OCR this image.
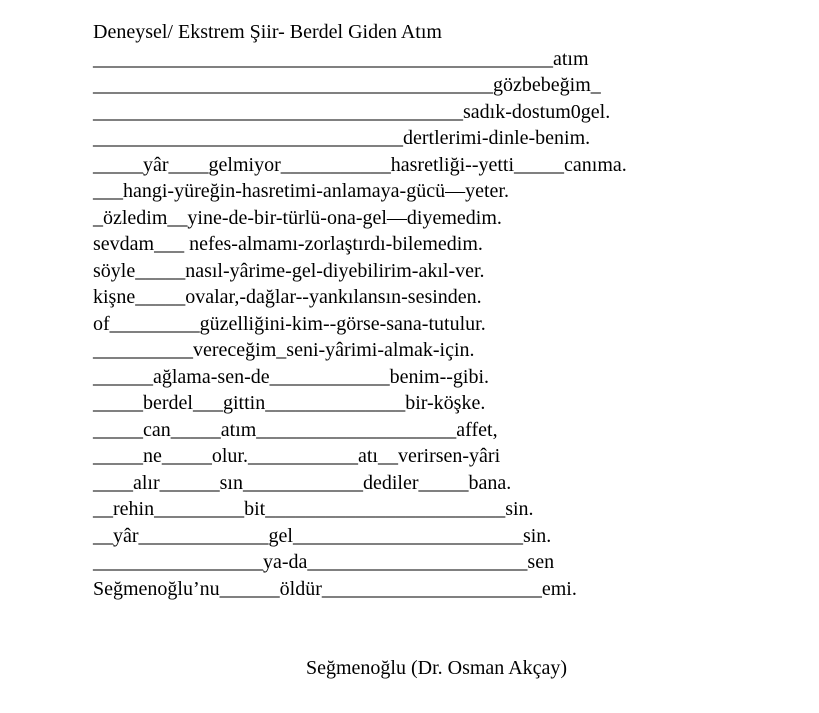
Deneysel/ Ekstrem Şiir- Berdel Giden Atım

______________________________________________atım

________________________________________gözbebeğim_

_____________________________________sadık-dostum0gel.

_______________________________dertlerimi-dinle-benim.

_____yâr____gelmiyor___________hasretliği--yetti_____canıma.

___hangi-yüreğin-hasretimi-anlamaya-gücü—yeter.

_özledim__yine-de-bir-türlü-ona-gel—diyemedim.

sevdam___ nefes-almamı-zorlaştırdı-bilemedim.

söyle_____nasıl-yârime-gel-diyebilirim-akıl-ver.

kişne_____ovalar,-dağlar--yankılansın-sesinden.

of_________güzelliğini-kim--görse-sana-tutulur.

__________vereceğim_seni-yârimi-almak-için.

______ağlama-sen-de____________benim--gibi.

_____berdel___gittin______________bir-köşke.

_____can_____atım____________________affet,

_____ne_____olur.___________atı__verirsen-yâri

____alır______sın____________dediler_____bana.

__rehin_________bit________________________sin.

__yâr_____________gel_______________________sin.

_________________ya-da______________________sen

Seğmenoğlu’nu______öldür______________________emi.

Seğmenoğlu (Dr. Osman Akçay)
